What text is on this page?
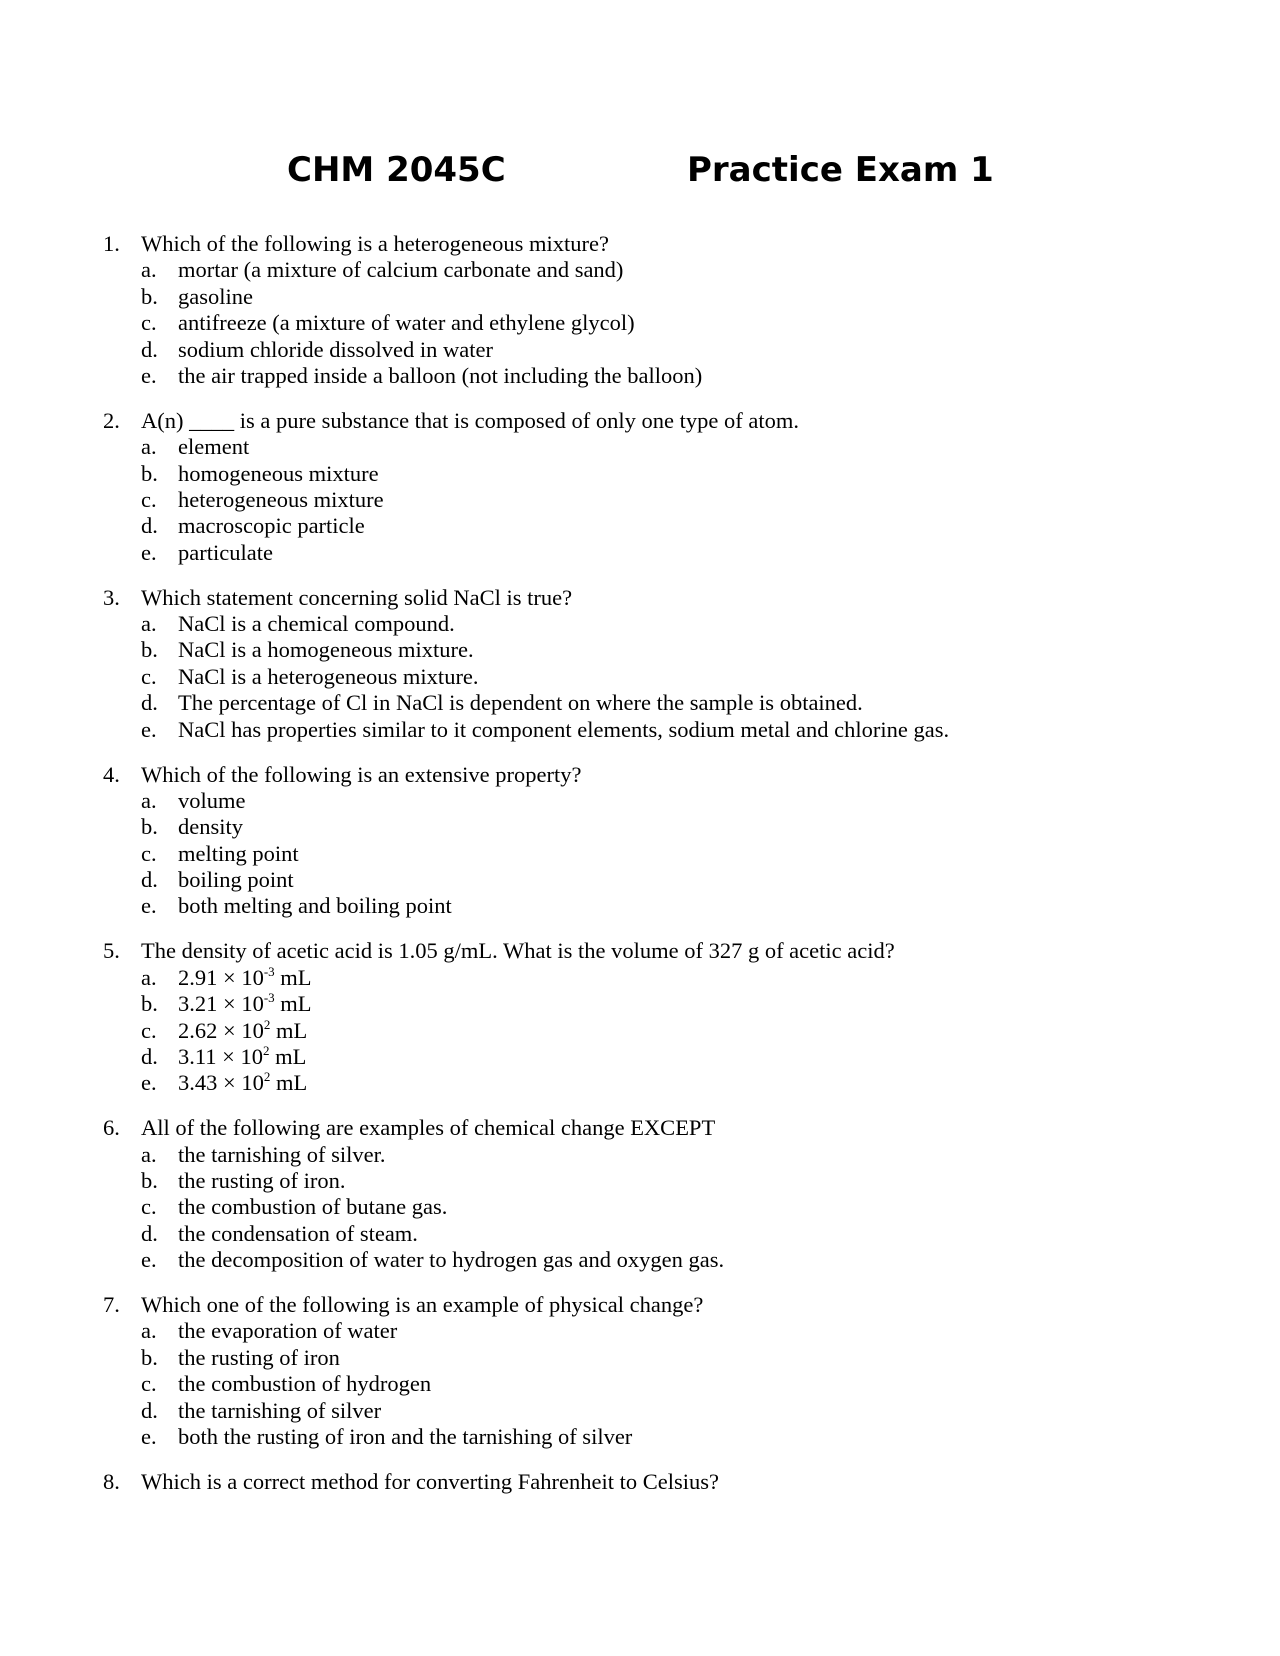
CHM 2045C	Practice Exam 1
1. Which of the following is a heterogeneous mixture?
a. mortar (a mixture of calcium carbonate and sand)
b. gasoline
c. antifreeze (a mixture of water and ethylene glycol)
d. sodium chloride dissolved in water
e. the air trapped inside a balloon (not including the balloon)
2. A(n) ____ is a pure substance that is composed of only one type of atom.
a. element
b. homogeneous mixture
c. heterogeneous mixture
d. macroscopic particle
e. particulate
3. Which statement concerning solid NaCl is true?
a. NaCl is a chemical compound.
b. NaCl is a homogeneous mixture.
c. NaCl is a heterogeneous mixture.
d. The percentage of Cl in NaCl is dependent on where the sample is obtained.
e. NaCl has properties similar to it component elements, sodium metal and chlorine gas.
4. Which of the following is an extensive property?
a. volume
b. density
c. melting point
d. boiling point
e. both melting and boiling point
5. The density of acetic acid is 1.05 g/mL. What is the volume of 327 g of acetic acid?
a. $2.91 \times 10^{-3}$ mL
b. $3.21 \times 10^{-3}$ mL
c. $2.62 \times 10^2$ mL
d. $3.11 \times 10^2$ mL
e. $3.43 \times 10^2$ mL
6. All of the following are examples of chemical change EXCEPT
a. the tarnishing of silver.
b. the rusting of iron.
c. the combustion of butane gas.
d. the condensation of steam.
e. the decomposition of water to hydrogen gas and oxygen gas.
7. Which one of the following is an example of physical change?
a. the evaporation of water
b. the rusting of iron
c. the combustion of hydrogen
d. the tarnishing of silver
e. both the rusting of iron and the tarnishing of silver
8. Which is a correct method for converting Fahrenheit to Celsius?
